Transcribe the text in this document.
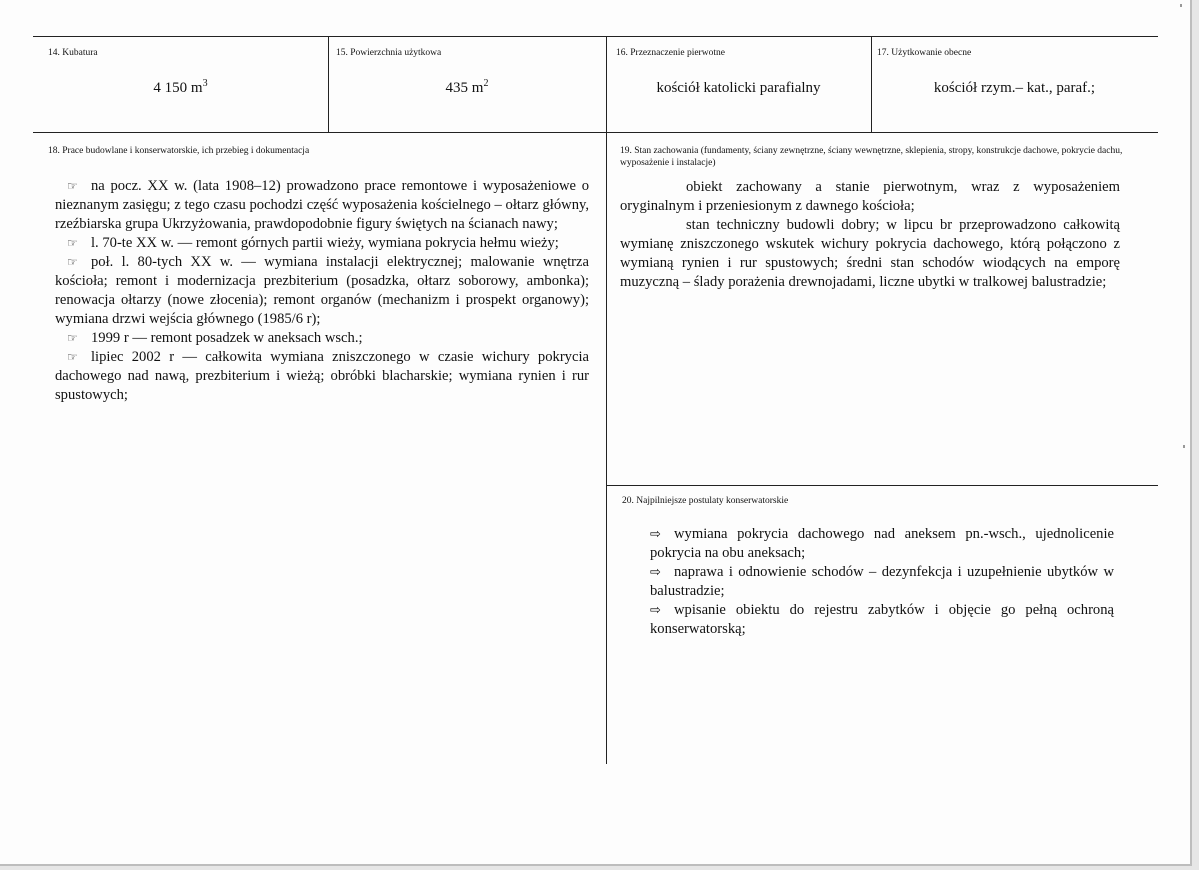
14. Kubatura
4 150 $m^3$
15. Powierzchnia użytkowa
435 $m^2$
16. Przeznaczenie pierwotne
kościół katolicki parafialny
17. Użytkowanie obecne
kościół rzym.– kat., paraf.;
18. Prace budowlane i konserwatorskie, ich przebieg i dokumentacja

☞ na pocz. XX w. (lata 1908–12) prowadzono prace remontowe i wyposażeniowe o nieznanym zasięgu; z tego czasu pochodzi część wyposażenia kościelnego – ołtarz główny, rzeźbiarska grupa Ukrzyżowania, prawdopodobnie figury świętych na ścianach nawy;

☞ l. 70-te XX w. — remont górnych partii wieży, wymiana pokrycia hełmu wieży;

☞ poł. l. 80-tych XX w. — wymiana instalacji elektrycznej; malowanie wnętrza kościoła; remont i modernizacja prezbiterium (posadzka, ołtarz soborowy, ambonka); renowacja ołtarzy (nowe złocenia); remont organów (mechanizm i prospekt organowy); wymiana drzwi wejścia głównego (1985/6 r);

☞ 1999 r — remont posadzek w aneksach wsch.;

☞ lipiec 2002 r — całkowita wymiana zniszczonego w czasie wichury pokrycia dachowego nad nawą, prezbiterium i wieżą; obróbki blacharskie; wymiana rynien i rur spustowych;

19. Stan zachowania (fundamenty, ściany zewnętrzne, ściany wewnętrzne, sklepienia, stropy, konstrukcje dachowe, pokrycie dachu, wyposażenie i instalacje)

obiekt zachowany a stanie pierwotnym, wraz z wyposażeniem oryginalnym i przeniesionym z dawnego kościoła;

stan techniczny budowli dobry; w lipcu br przeprowadzono całkowitą wymianę zniszczonego wskutek wichury pokrycia dachowego, którą połączono z wymianą rynien i rur spustowych; średni stan schodów wiodących na emporę muzyczną – ślady porażenia drewnojadami, liczne ubytki w tralkowej balustradzie;

20. Najpilniejsze postulaty konserwatorskie

⇨ wymiana pokrycia dachowego nad aneksem pn.-wsch., ujednolicenie pokrycia na obu aneksach;

⇨ naprawa i odnowienie schodów – dezynfekcja i uzupełnienie ubytków w balustradzie;

⇨ wpisanie obiektu do rejestru zabytków i objęcie go pełną ochroną konserwatorską;
